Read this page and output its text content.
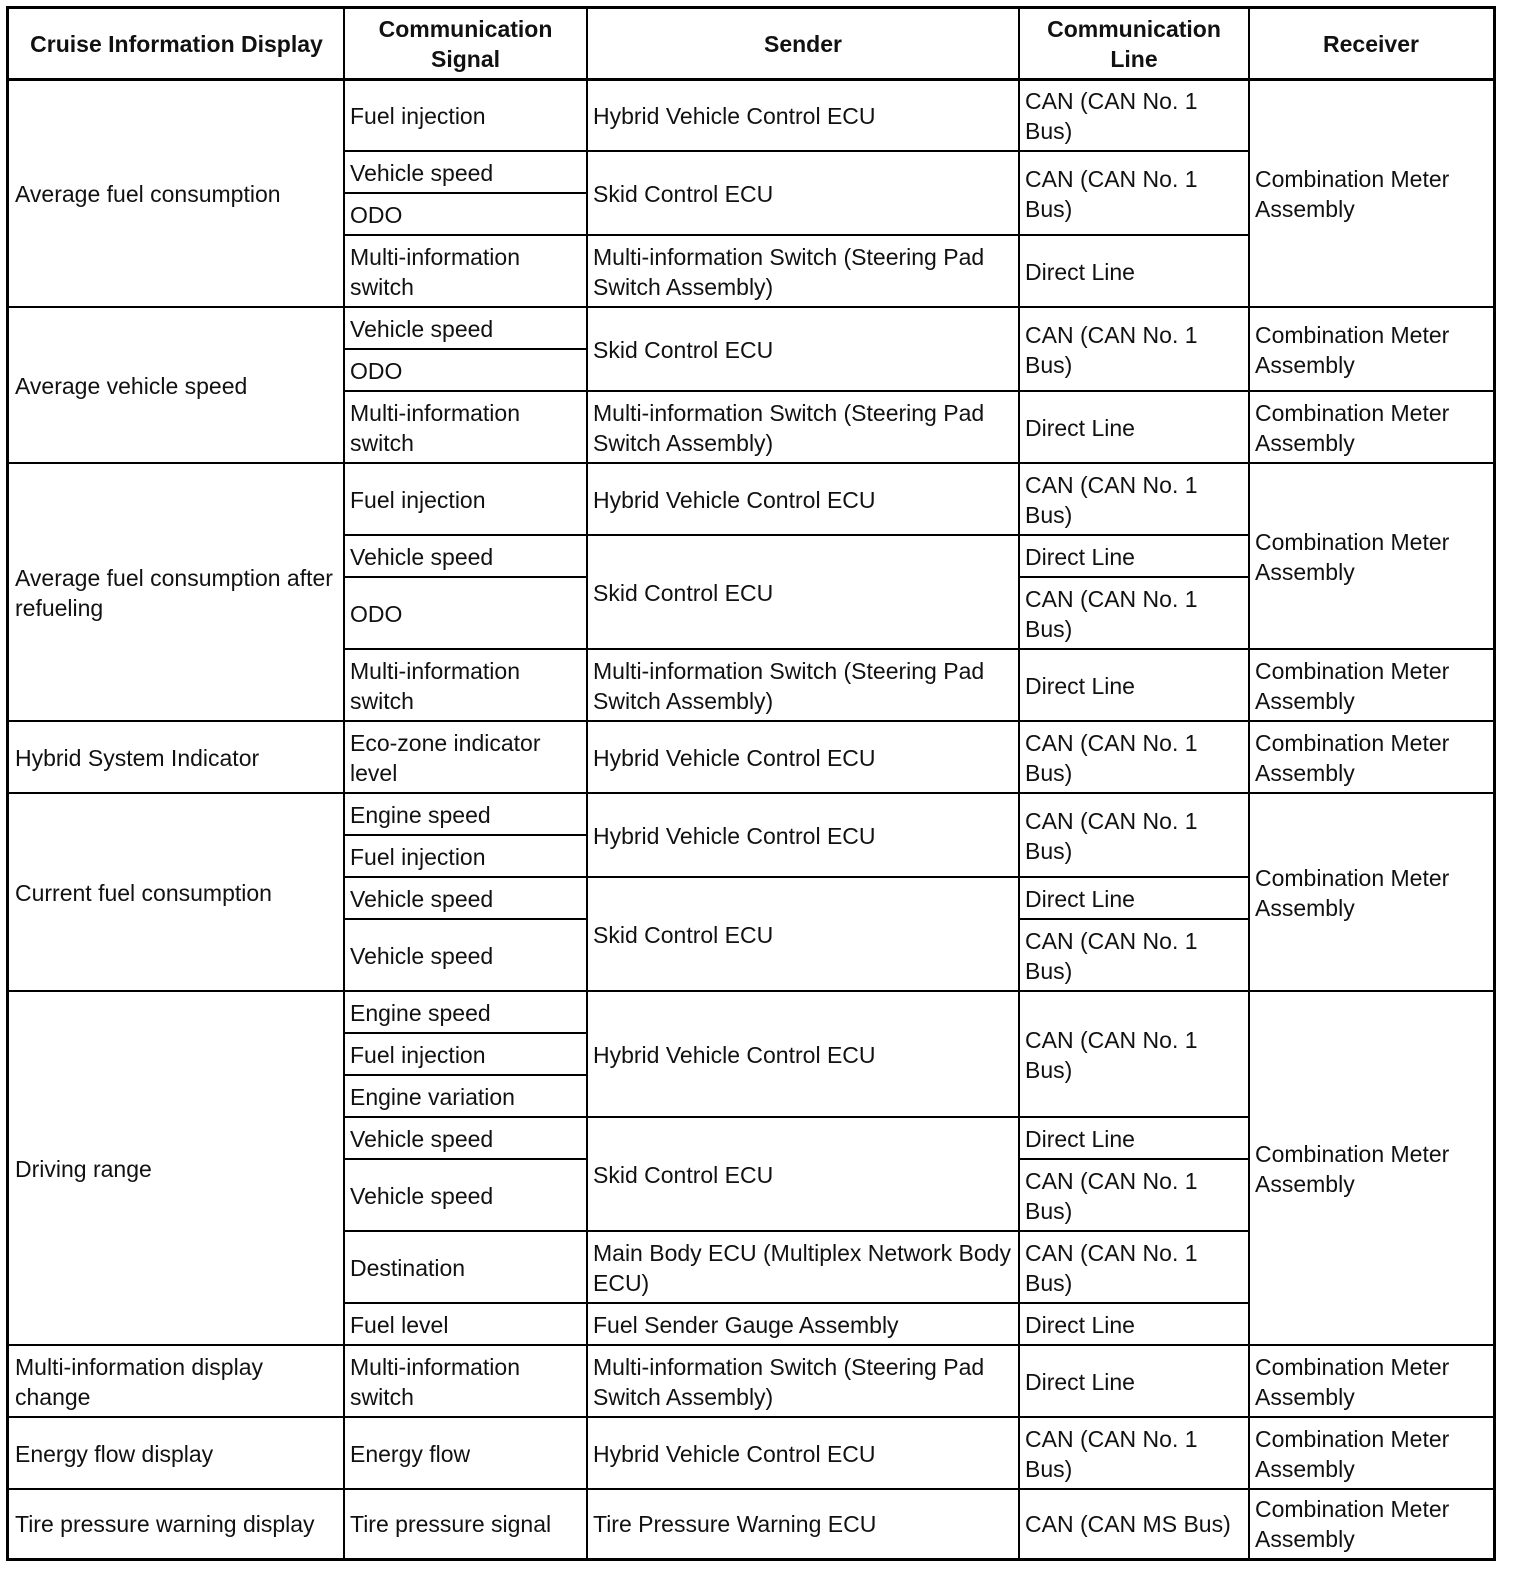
Cruise Information Display
Communication Signal
Sender
Communication Line
Receiver
Average fuel consumption
Average vehicle speed
Average fuel consumption after refueling
Hybrid System Indicator
Current fuel consumption
Driving range
Multi-information display change
Energy flow display
Tire pressure warning display
Fuel injection
Vehicle speed
ODO
Multi-information switch
Vehicle speed
ODO
Multi-information switch
Fuel injection
Vehicle speed
ODO
Multi-information switch
Eco-zone indicator level
Engine speed
Fuel injection
Vehicle speed
Vehicle speed
Engine speed
Fuel injection
Engine variation
Vehicle speed
Vehicle speed
Destination
Fuel level
Multi-information switch
Energy flow
Tire pressure signal
Hybrid Vehicle Control ECU
Skid Control ECU
Multi-information Switch (Steering Pad Switch Assembly)
Skid Control ECU
Multi-information Switch (Steering Pad Switch Assembly)
Hybrid Vehicle Control ECU
Skid Control ECU
Multi-information Switch (Steering Pad Switch Assembly)
Hybrid Vehicle Control ECU
Hybrid Vehicle Control ECU
Skid Control ECU
Hybrid Vehicle Control ECU
Skid Control ECU
Main Body ECU (Multiplex Network Body ECU)
Fuel Sender Gauge Assembly
Multi-information Switch (Steering Pad Switch Assembly)
Hybrid Vehicle Control ECU
Tire Pressure Warning ECU
CAN (CAN No. 1 Bus)
CAN (CAN No. 1 Bus)
Direct Line
CAN (CAN No. 1 Bus)
Direct Line
CAN (CAN No. 1 Bus)
Direct Line
CAN (CAN No. 1 Bus)
Direct Line
CAN (CAN No. 1 Bus)
CAN (CAN No. 1 Bus)
Direct Line
CAN (CAN No. 1 Bus)
CAN (CAN No. 1 Bus)
Direct Line
CAN (CAN No. 1 Bus)
CAN (CAN No. 1 Bus)
Direct Line
Direct Line
CAN (CAN No. 1 Bus)
CAN (CAN MS Bus)
Combination Meter Assembly
Combination Meter Assembly
Combination Meter Assembly
Combination Meter Assembly
Combination Meter Assembly
Combination Meter Assembly
Combination Meter Assembly
Combination Meter Assembly
Combination Meter Assembly
Combination Meter Assembly
Combination Meter Assembly
